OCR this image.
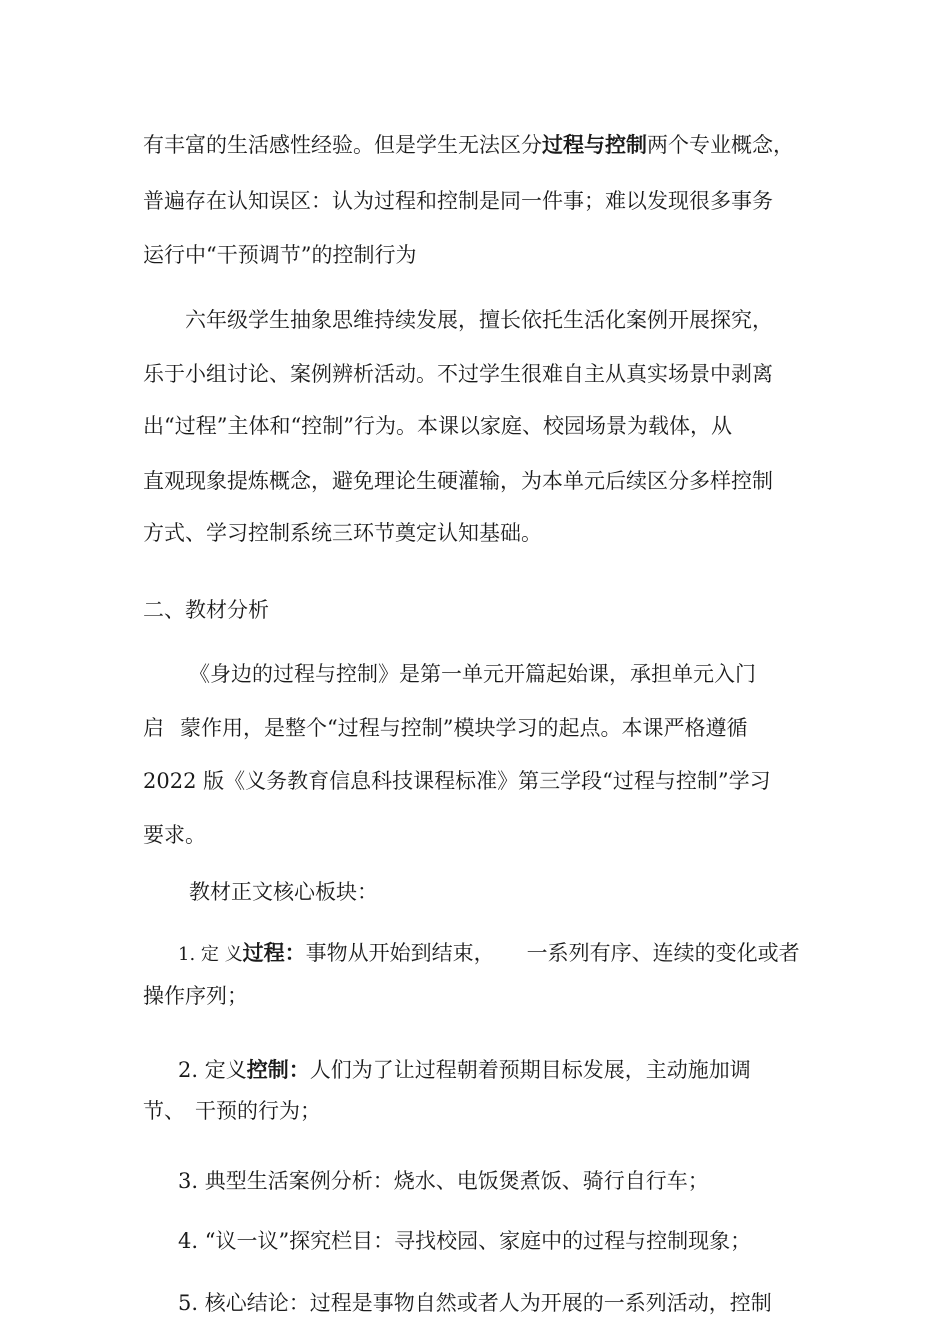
有丰富的生活感性经验。但是学生无法区分过程与控制两个专业概念，
普遍存在认知误区：认为过程和控制是同一件事；难以发现很多事务
运行中“干预调节”的控制行为
六年级学生抽象思维持续发展，擅长依托生活化案例开展探究，
乐于小组讨论、案例辨析活动。不过学生很难自主从真实场景中剥离
出“过程”主体和“控制”行为。本课以家庭、校园场景为载体，从
直观现象提炼概念，避免理论生硬灌输，为本单元后续区分多样控制
方式、学习控制系统三环节奠定认知基础。
二、教材分析
《身边的过程与控制》是第一单元开篇起始课，承担单元入门
启 蒙作用，是整个“过程与控制”模块学习的起点。本课严格遵循
2022 版《义务教育信息科技课程标准》第三学段“过程与控制”学习
要求。
教材正文核心板块：
1. 定 义过程：事物从开始到结束， 一系列有序、连续的变化或者
操作序列；
2. 定义控制：人们为了让过程朝着预期目标发展，主动施加调
节、 干预的行为；
3. 典型生活案例分析：烧水、电饭煲煮饭、骑行自行车；
4. “议一议”探究栏目：寻找校园、家庭中的过程与控制现象；
5. 核心结论：过程是事物自然或者人为开展的一系列活动，控制
